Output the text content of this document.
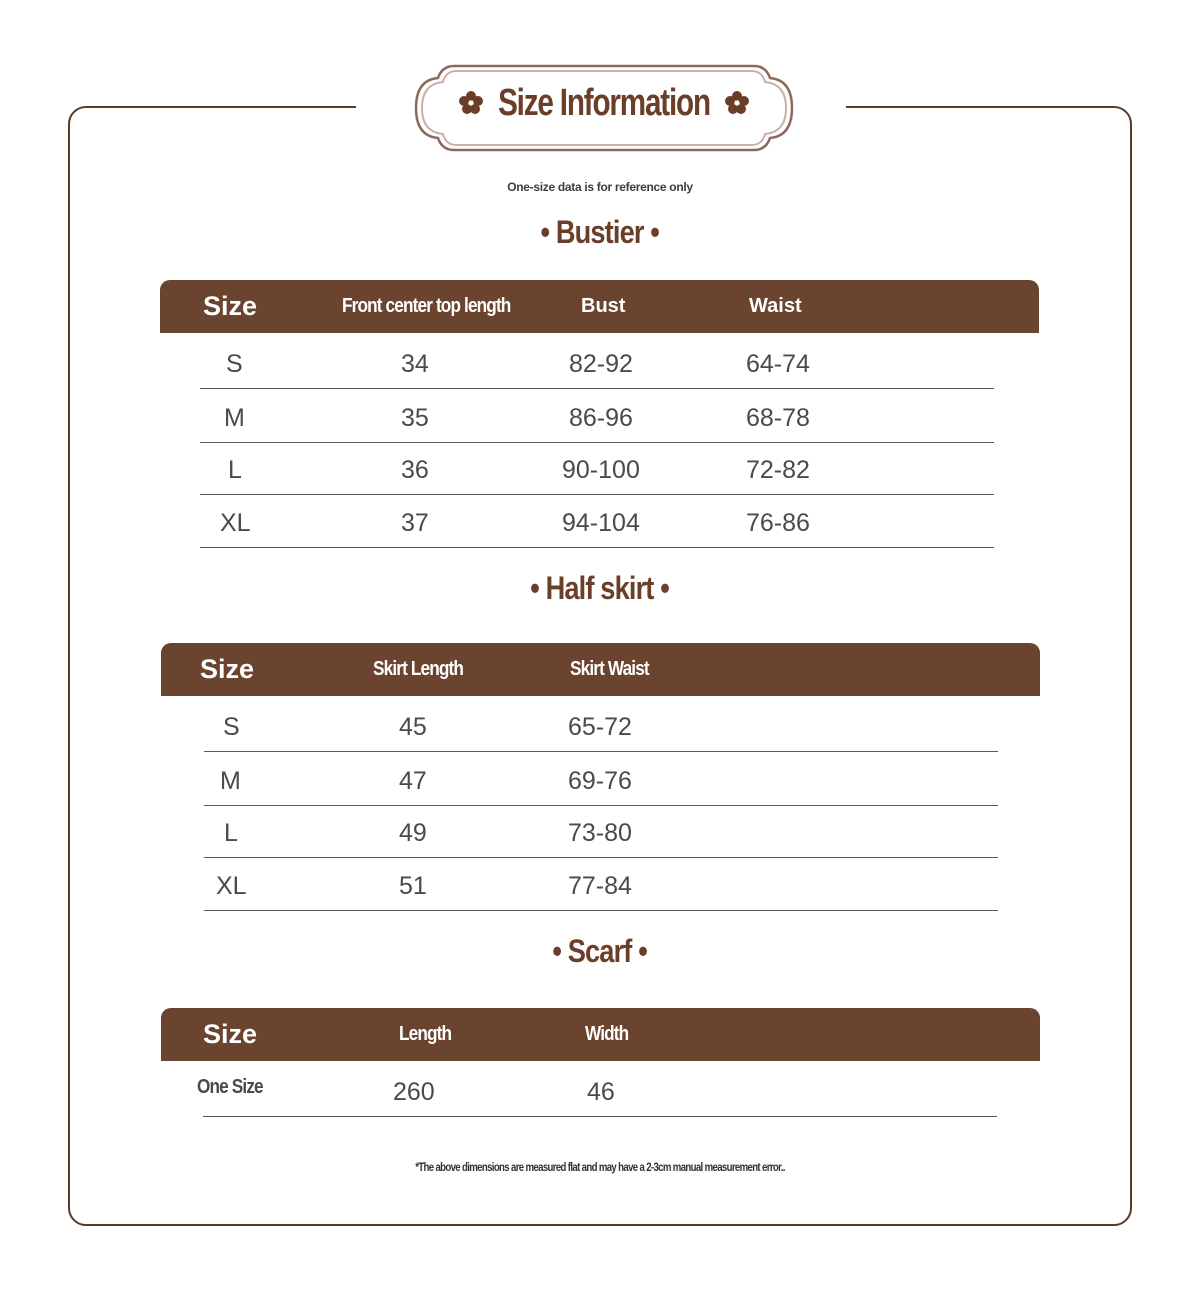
Size Information
One-size data is for reference only
• Bustier •
Size	Front center top length	Bust	Waist
S	34	82-92	64-74
M	35	86-96	68-78
L	36	90-100	72-82
XL	37	94-104	76-86
• Half skirt •
Size	Skirt Length	Skirt Waist
S	45	65-72
M	47	69-76
L	49	73-80
XL	51	77-84
• Scarf •
Size	Length	Width
One Size	260	46
*The above dimensions are measured flat and may have a 2-3cm manual measurement error..
